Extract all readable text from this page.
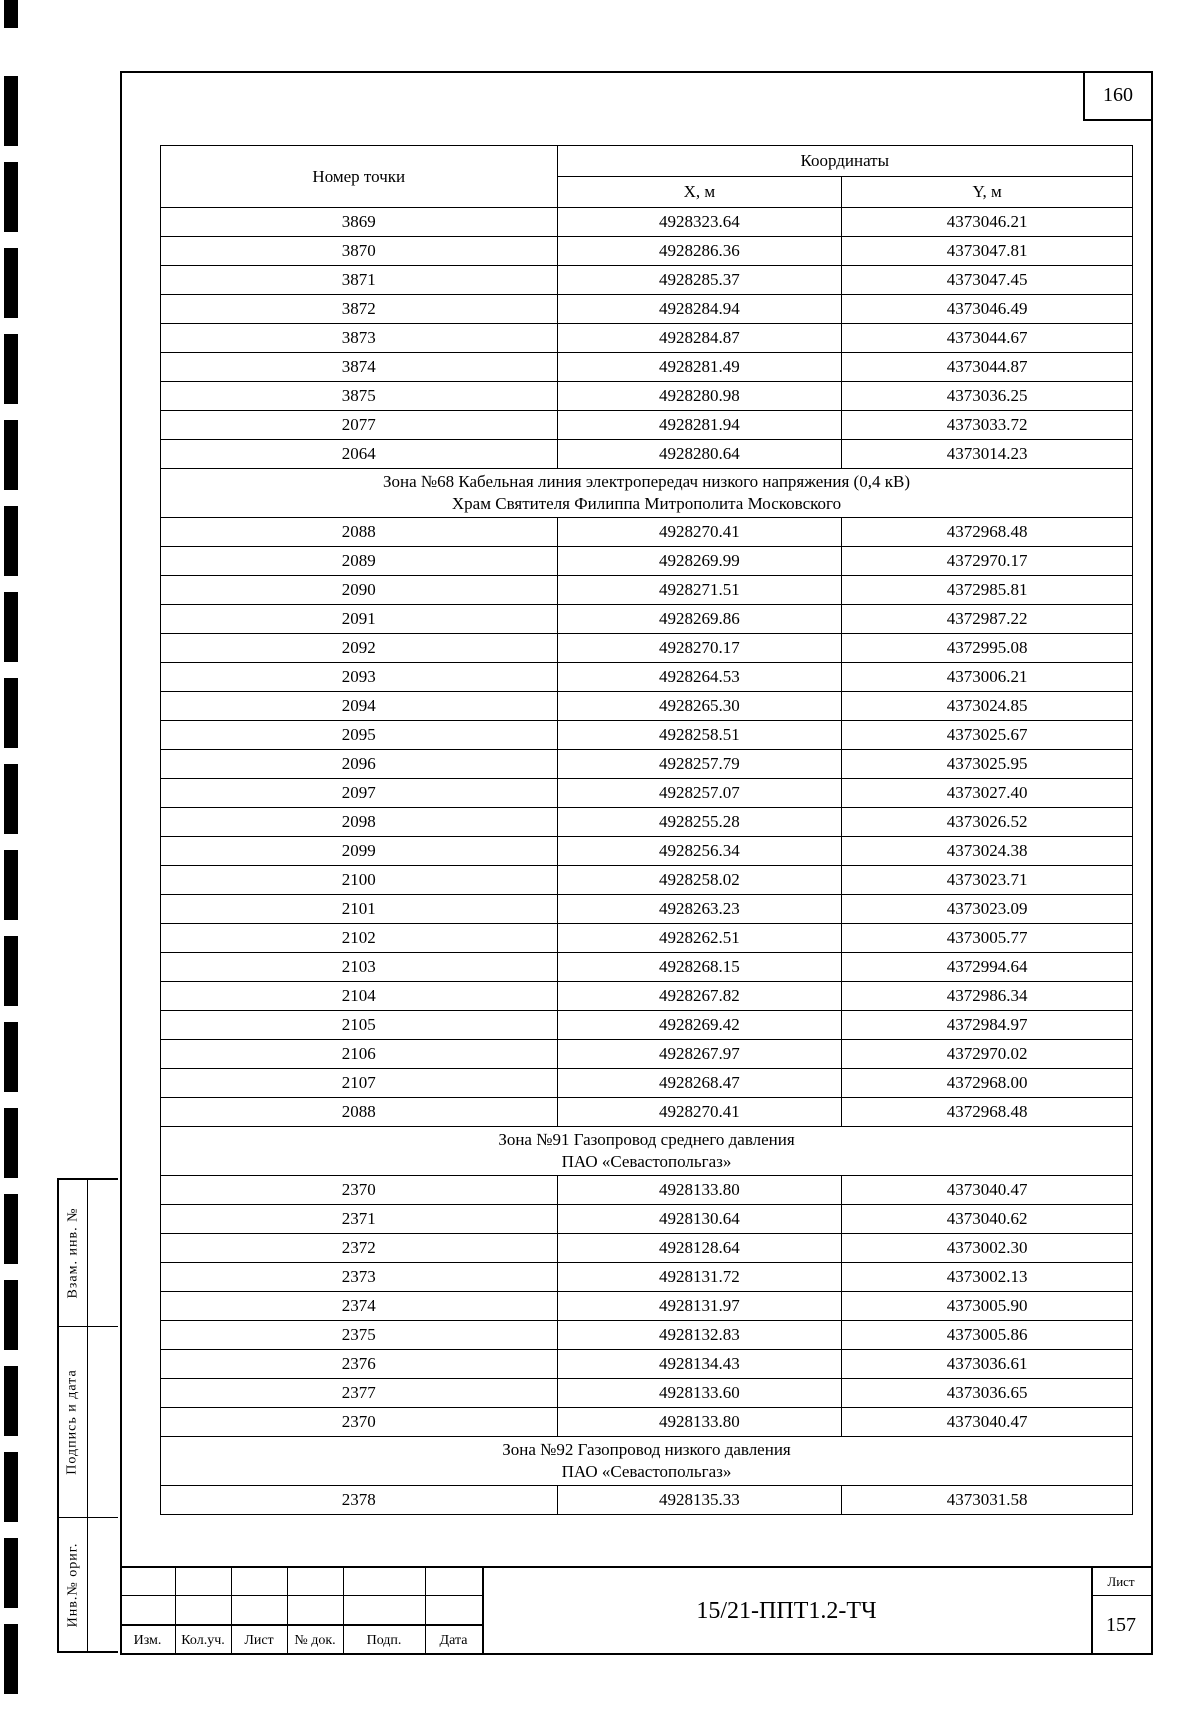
160
Номер точки	Координаты	
	X, м	Y, м
3869	4928323.64	4373046.21
3870	4928286.36	4373047.81
3871	4928285.37	4373047.45
3872	4928284.94	4373046.49
3873	4928284.87	4373044.67
3874	4928281.49	4373044.87
3875	4928280.98	4373036.25
2077	4928281.94	4373033.72
2064	4928280.64	4373014.23

Зона №68 Кабельная линия электропередач низкого напряжения (0,4 кВ)
Храм Святителя Филиппа Митрополита Московского		

2088	4928270.41	4372968.48
2089	4928269.99	4372970.17
2090	4928271.51	4372985.81
2091	4928269.86	4372987.22
2092	4928270.17	4372995.08
2093	4928264.53	4373006.21
2094	4928265.30	4373024.85
2095	4928258.51	4373025.67
2096	4928257.79	4373025.95
2097	4928257.07	4373027.40
2098	4928255.28	4373026.52
2099	4928256.34	4373024.38
2100	4928258.02	4373023.71
2101	4928263.23	4373023.09
2102	4928262.51	4373005.77
2103	4928268.15	4372994.64
2104	4928267.82	4372986.34
2105	4928269.42	4372984.97
2106	4928267.97	4372970.02
2107	4928268.47	4372968.00
2088	4928270.41	4372968.48

Зона №91 Газопровод среднего давления
ПАО «Севастопольгаз»		

2370	4928133.80	4373040.47
2371	4928130.64	4373040.62
2372	4928128.64	4373002.30
2373	4928131.72	4373002.13
2374	4928131.97	4373005.90
2375	4928132.83	4373005.86
2376	4928134.43	4373036.61
2377	4928133.60	4373036.65
2370	4928133.80	4373040.47

Зона №92 Газопровод низкого давления
ПАО «Севастопольгаз»		

2378	4928135.33	4373031.58
Взам. инв. №
Подпись и дата
Инв.№ ориг.
Изм.	Кол.уч.	Лист	№ док.	Подп.	Дата
15/21-ППТ1.2-ТЧ
Лист
157
